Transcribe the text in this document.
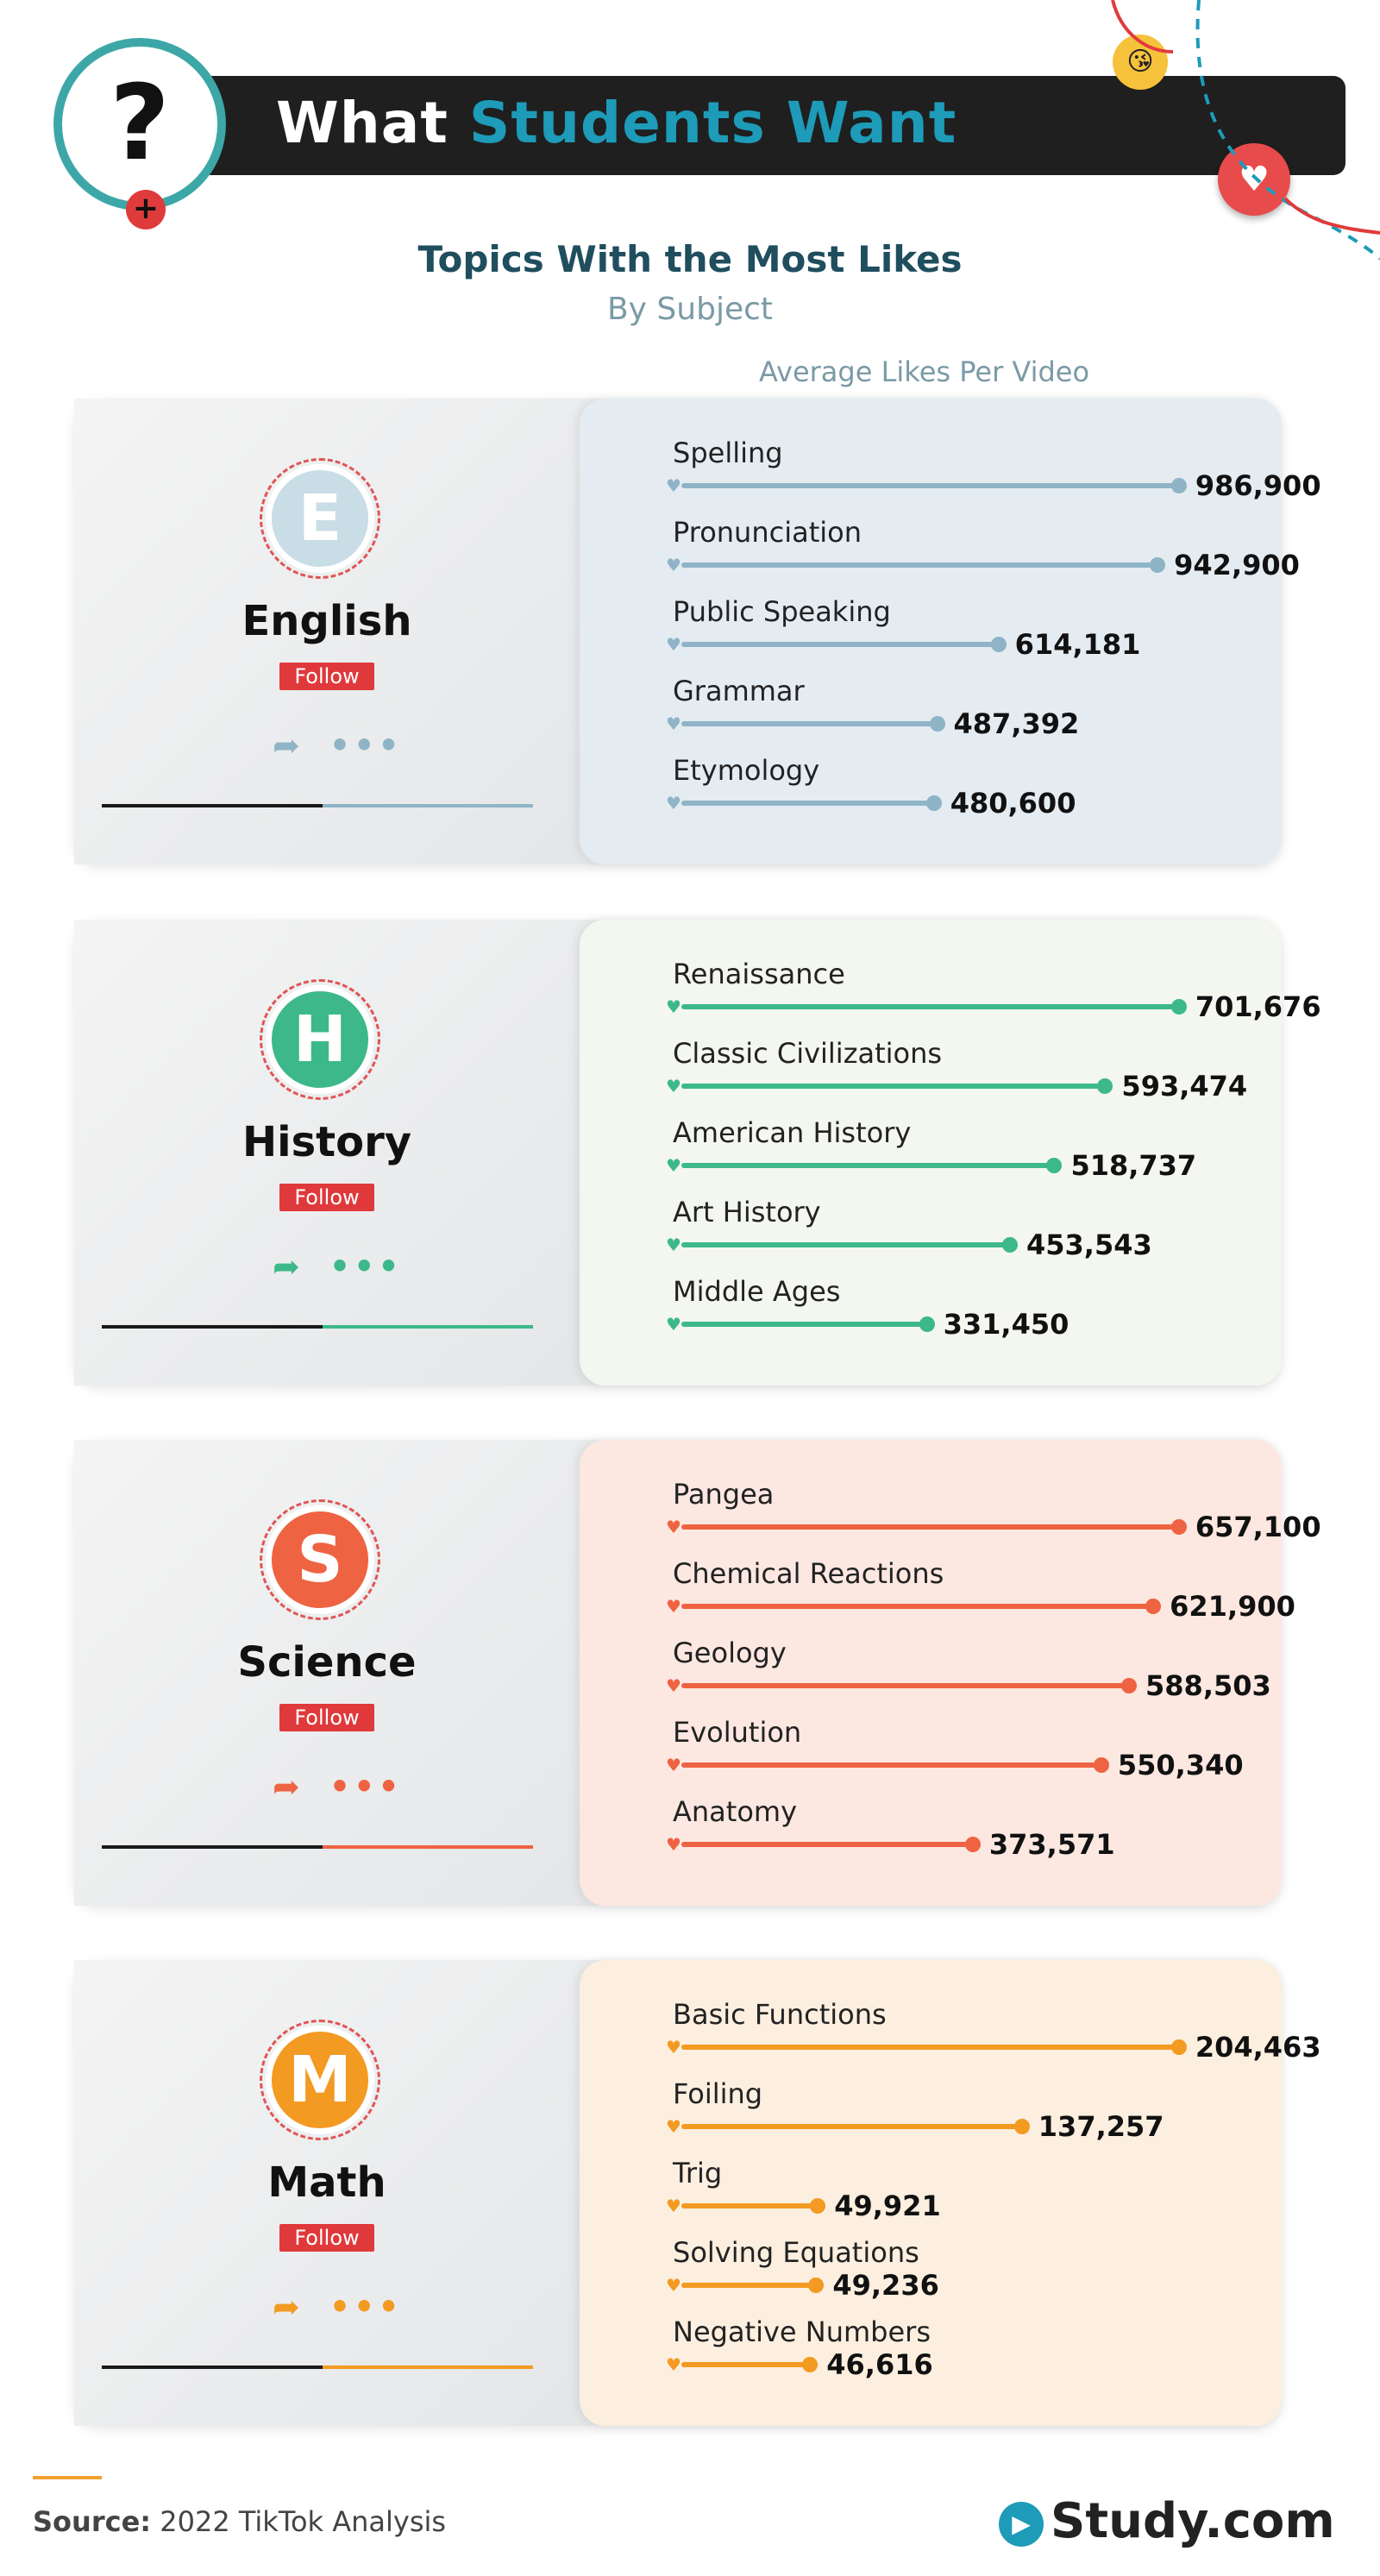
What Students Want
?
+
😘
♥
Topics With the Most Likes
By Subject
Average Likes Per Video
E
English
Follow
➦ •••
Spelling
♥	986,900
Pronunciation
♥	942,900
Public Speaking
♥	614,181
Grammar
♥	487,392
Etymology
♥	480,600
H
History
Follow
➦ •••
Renaissance
♥	701,676
Classic Civilizations
♥	593,474
American History
♥	518,737
Art History
♥	453,543
Middle Ages
♥	331,450
S
Science
Follow
➦ •••
Pangea
♥	657,100
Chemical Reactions
♥	621,900
Geology
♥	588,503
Evolution
♥	550,340
Anatomy
♥	373,571
M
Math
Follow
➦ •••
Basic Functions
♥	204,463
Foiling
♥	137,257
Trig
♥	49,921
Solving Equations
♥	49,236
Negative Numbers
♥	46,616
Source: 2022 TikTok Analysis	▶ Study.com
